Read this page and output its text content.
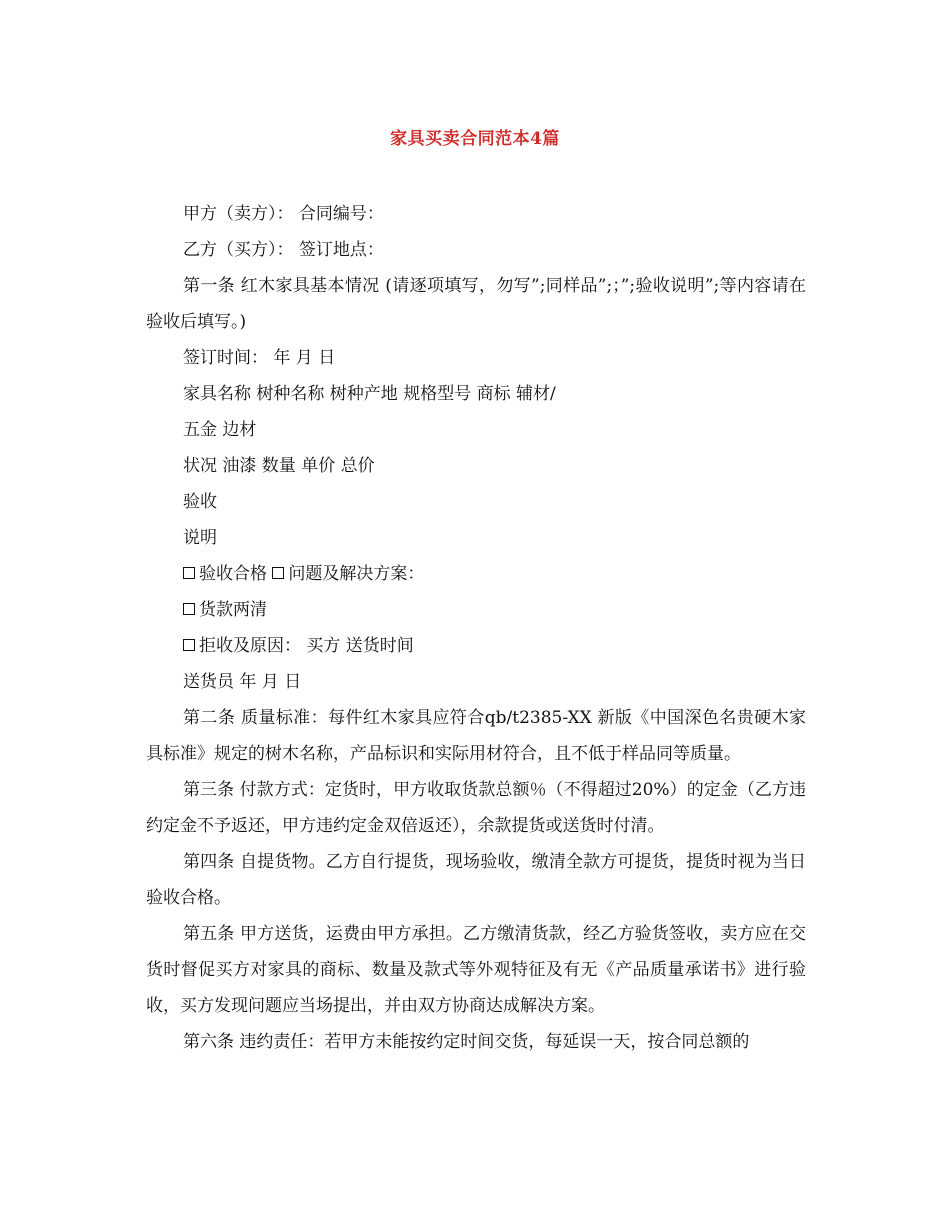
家具买卖合同范本4篇

甲方（卖方）： 合同编号：

乙方（买方）： 签订地点：

第一条 红木家具基本情况 (请逐项填写，勿写”;同样品”;；”;验收说明”;等内容请在验收后填写。)

签订时间： 年 月 日

家具名称 树种名称 树种产地 规格型号 商标 辅材/

五金 边材

状况 油漆 数量 单价 总价

验收

说明

验收合格 问题及解决方案：

货款两清

拒收及原因： 买方 送货时间

送货员 年 月 日

第二条 质量标准：每件红木家具应符合qb/t2385-XX 新版《中国深色名贵硬木家具标准》规定的树木名称，产品标识和实际用材符合，且不低于样品同等质量。

第三条 付款方式：定货时，甲方收取货款总额％（不得超过20%）的定金（乙方违约定金不予返还，甲方违约定金双倍返还），余款提货或送货时付清。

第四条 自提货物。乙方自行提货，现场验收，缴清全款方可提货，提货时视为当日验收合格。

第五条 甲方送货，运费由甲方承担。乙方缴清货款，经乙方验货签收，卖方应在交货时督促买方对家具的商标、数量及款式等外观特征及有无《产品质量承诺书》进行验收，买方发现问题应当场提出，并由双方协商达成解决方案。

第六条 违约责任：若甲方未能按约定时间交货，每延误一天，按合同总额的
